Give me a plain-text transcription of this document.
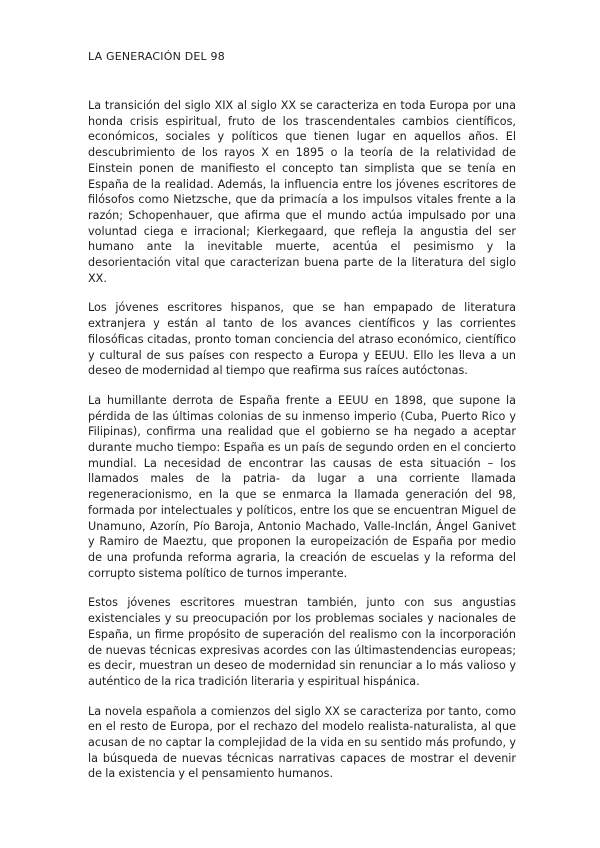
LA GENERACIÓN DEL 98

La transición del siglo XIX al siglo XX se caracteriza en toda Europa por una honda crisis espiritual, fruto de los trascendentales cambios científicos, económicos, sociales y políticos que tienen lugar en aquellos años. El descubrimiento de los rayos X en 1895 o la teoría de la relatividad de Einstein ponen de manifiesto el concepto tan simplista que se tenía en España de la realidad. Además, la influencia entre los jóvenes escritores de filósofos como Nietzsche, que da primacía a los impulsos vitales frente a la razón; Schopenhauer, que afirma que el mundo actúa impulsado por una voluntad ciega e irracional; Kierkegaard, que refleja la angustia del ser humano ante la inevitable muerte, acentúa el pesimismo y la desorientación vital que caracterizan buena parte de la literatura del siglo XX.

Los jóvenes escritores hispanos, que se han empapado de literatura extranjera y están al tanto de los avances científicos y las corrientes filosóficas citadas, pronto toman conciencia del atraso económico, científico y cultural de sus países con respecto a Europa y EEUU. Ello les lleva a un deseo de modernidad al tiempo que reafirma sus raíces autóctonas.

La humillante derrota de España frente a EEUU en 1898, que supone la pérdida de las últimas colonias de su inmenso imperio (Cuba, Puerto Rico y Filipinas), confirma una realidad que el gobierno se ha negado a aceptar durante mucho tiempo: España es un país de segundo orden en el concierto mundial. La necesidad de encontrar las causas de esta situación – los llamados males de la patria- da lugar a una corriente llamada regeneracionismo, en la que se enmarca la llamada generación del 98, formada por intelectuales y políticos, entre los que se encuentran Miguel de Unamuno, Azorín, Pío Baroja, Antonio Machado, Valle-Inclán, Ángel Ganivet y Ramiro de Maeztu, que proponen la europeización de España por medio de una profunda reforma agraria, la creación de escuelas y la reforma del corrupto sistema político de turnos imperante.

Estos jóvenes escritores muestran también, junto con sus angustias existenciales y su preocupación por los problemas sociales y nacionales de España, un firme propósito de superación del realismo con la incorporación de nuevas técnicas expresivas acordes con las últimastendencias europeas; es decir, muestran un deseo de modernidad sin renunciar a lo más valioso y auténtico de la rica tradición literaria y espiritual hispánica.

La novela española a comienzos del siglo XX se caracteriza por tanto, como en el resto de Europa, por el rechazo del modelo realista-naturalista, al que acusan de no captar la complejidad de la vida en su sentido más profundo, y la búsqueda de nuevas técnicas narrativas capaces de mostrar el devenir de la existencia y el pensamiento humanos.
